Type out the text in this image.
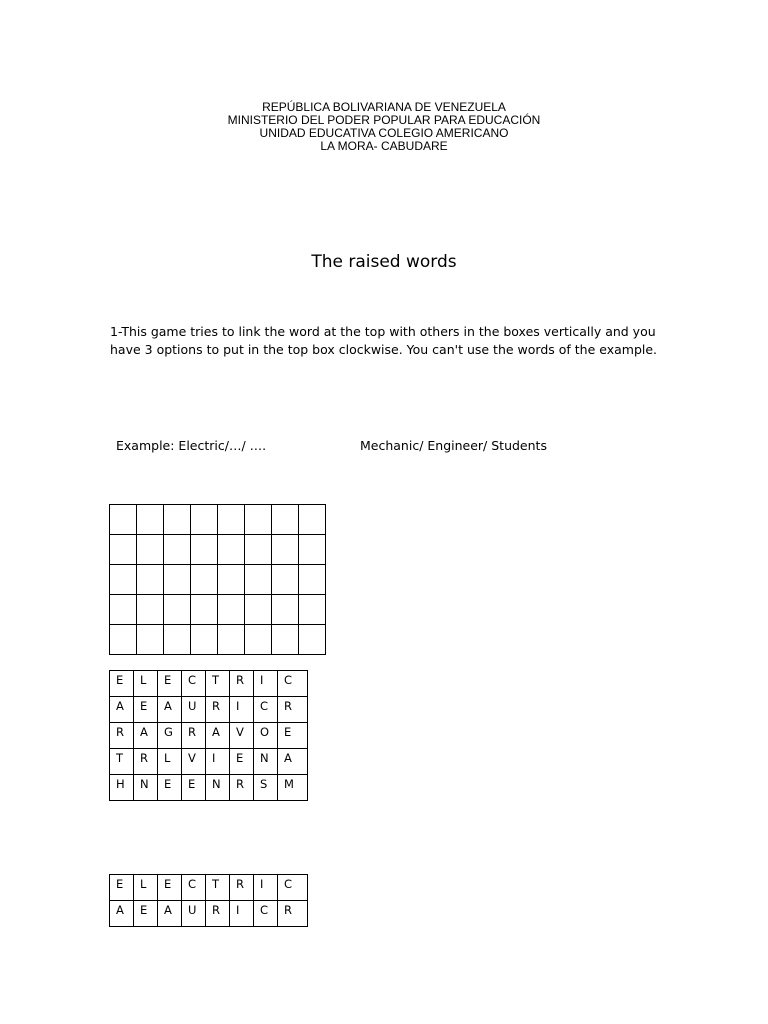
REPÚBLICA BOLIVARIANA DE VENEZUELA
MINISTERIO DEL PODER POPULAR PARA EDUCACIÓN
UNIDAD EDUCATIVA COLEGIO AMERICANO
LA MORA- CABUDARE
The raised words
1-This game tries to link the word at the top with others in the boxes vertically and you have 3 options to put in the top box clockwise. You can't use the words of the example.
Example: Electric/…/ ….	Mechanic/ Engineer/ Students

E	L	E	C	T	R	I	C
A	E	A	U	R	I	C	R
R	A	G	R	A	V	O	E
T	R	L	V	I	E	N	A
H	N	E	E	N	R	S	M
E	L	E	C	T	R	I	C
A	E	A	U	R	I	C	R
